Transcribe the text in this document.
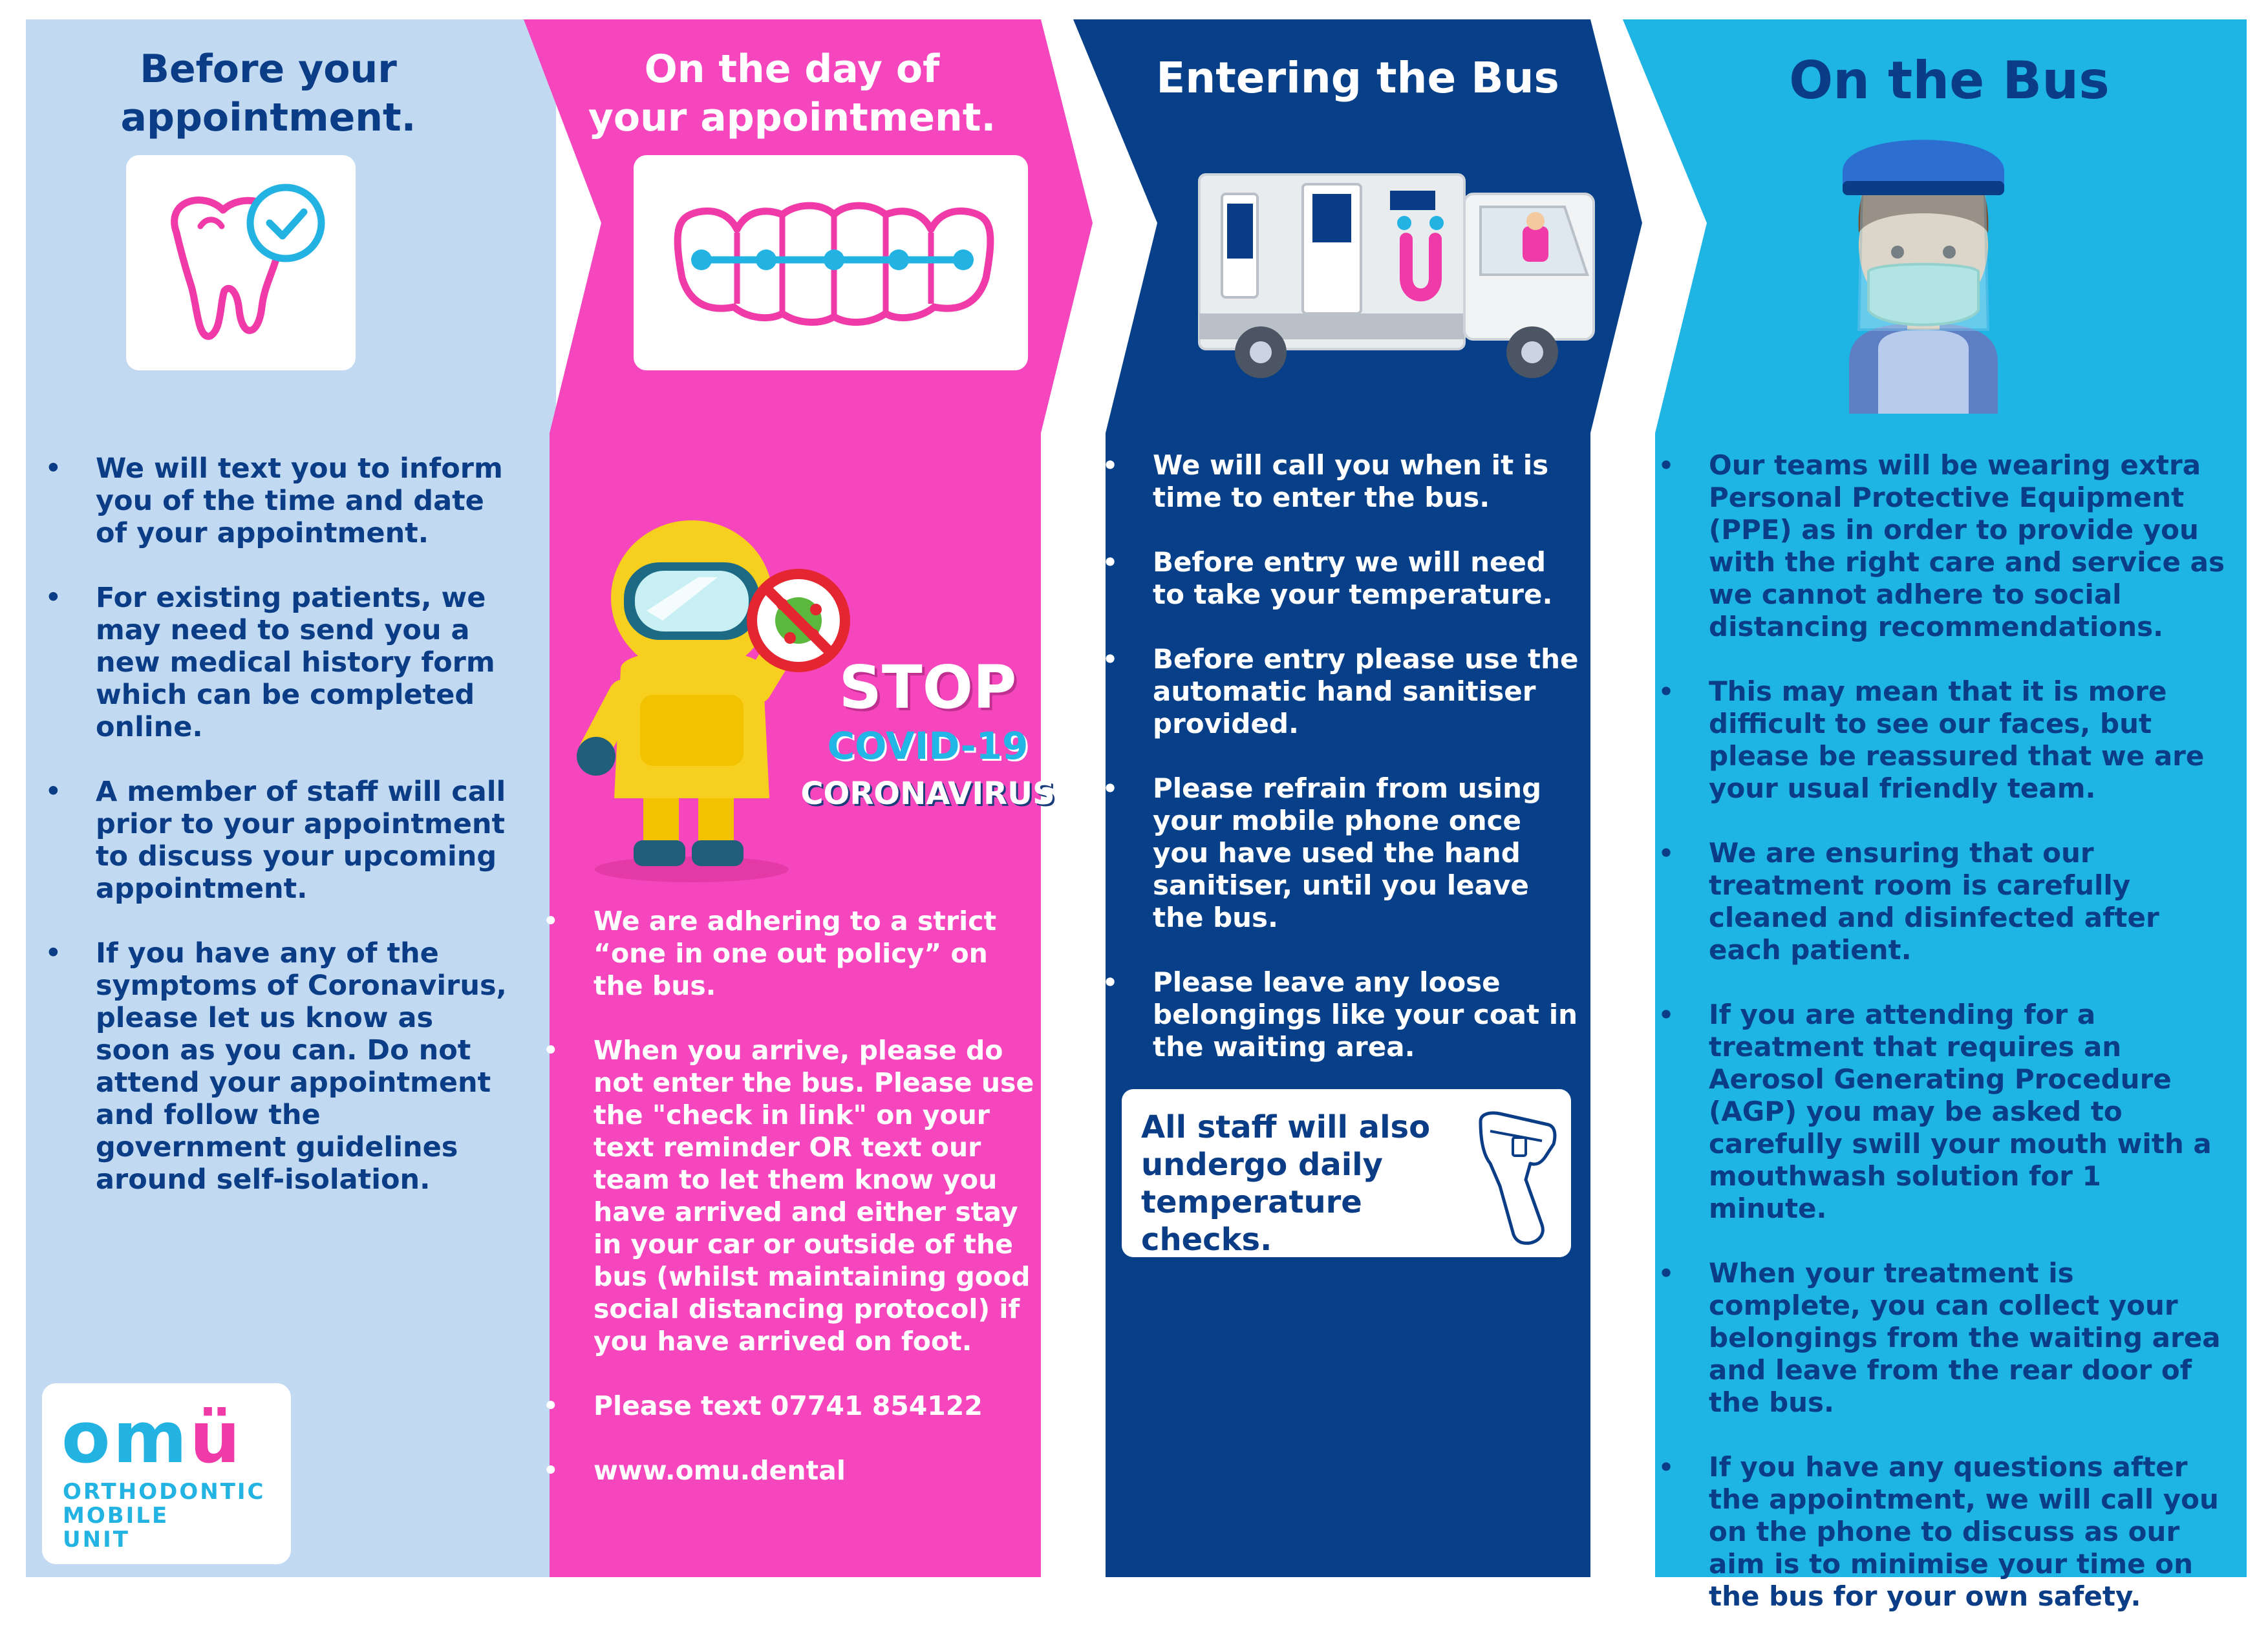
Before your
appointment.
On the day of
your appointment.
Entering the Bus	On the Bus
STOP
COVID-19
CORONAVIRUS
• We will text you to inform you of the time and date of your appointment.
• For existing patients, we may need to send you a new medical history form which can be completed online.
• A member of staff will call prior to your appointment to discuss your upcoming appointment.
• If you have any of the symptoms of Coronavirus, please let us know as soon as you can. Do not attend your appointment and follow the government guidelines around self-isolation.
• We are adhering to a strict “one in one out policy” on the bus.
• When you arrive, please do not enter the bus. Please use the "check in link" on your text reminder OR text our team to let them know you have arrived and either stay in your car or outside of the bus (whilst maintaining good social distancing protocol) if you have arrived on foot.
• Please text 07741 854122
• www.omu.dental
• We will call you when it is time to enter the bus.
• Before entry we will need to take your temperature.
• Before entry please use the automatic hand sanitiser provided.
• Please refrain from using your mobile phone once you have used the hand sanitiser, until you leave the bus.
• Please leave any loose belongings like your coat in the waiting area.
• Our teams will be wearing extra Personal Protective Equipment (PPE) as in order to provide you with the right care and service as we cannot adhere to social distancing recommendations.
• This may mean that it is more difficult to see our faces, but please be reassured that we are your usual friendly team.
• We are ensuring that our treatment room is carefully cleaned and disinfected after each patient.
• If you are attending for a treatment that requires an Aerosol Generating Procedure (AGP) you may be asked to carefully swill your mouth with a mouthwash solution for 1 minute.
• When your treatment is complete, you can collect your belongings from the waiting area and leave from the rear door of the bus.
• If you have any questions after the appointment, we will call you on the phone to discuss as our aim is to minimise your time on the bus for your own safety.
All staff will also undergo daily temperature checks.
omü
ORTHODONTIC
MOBILE
UNIT
